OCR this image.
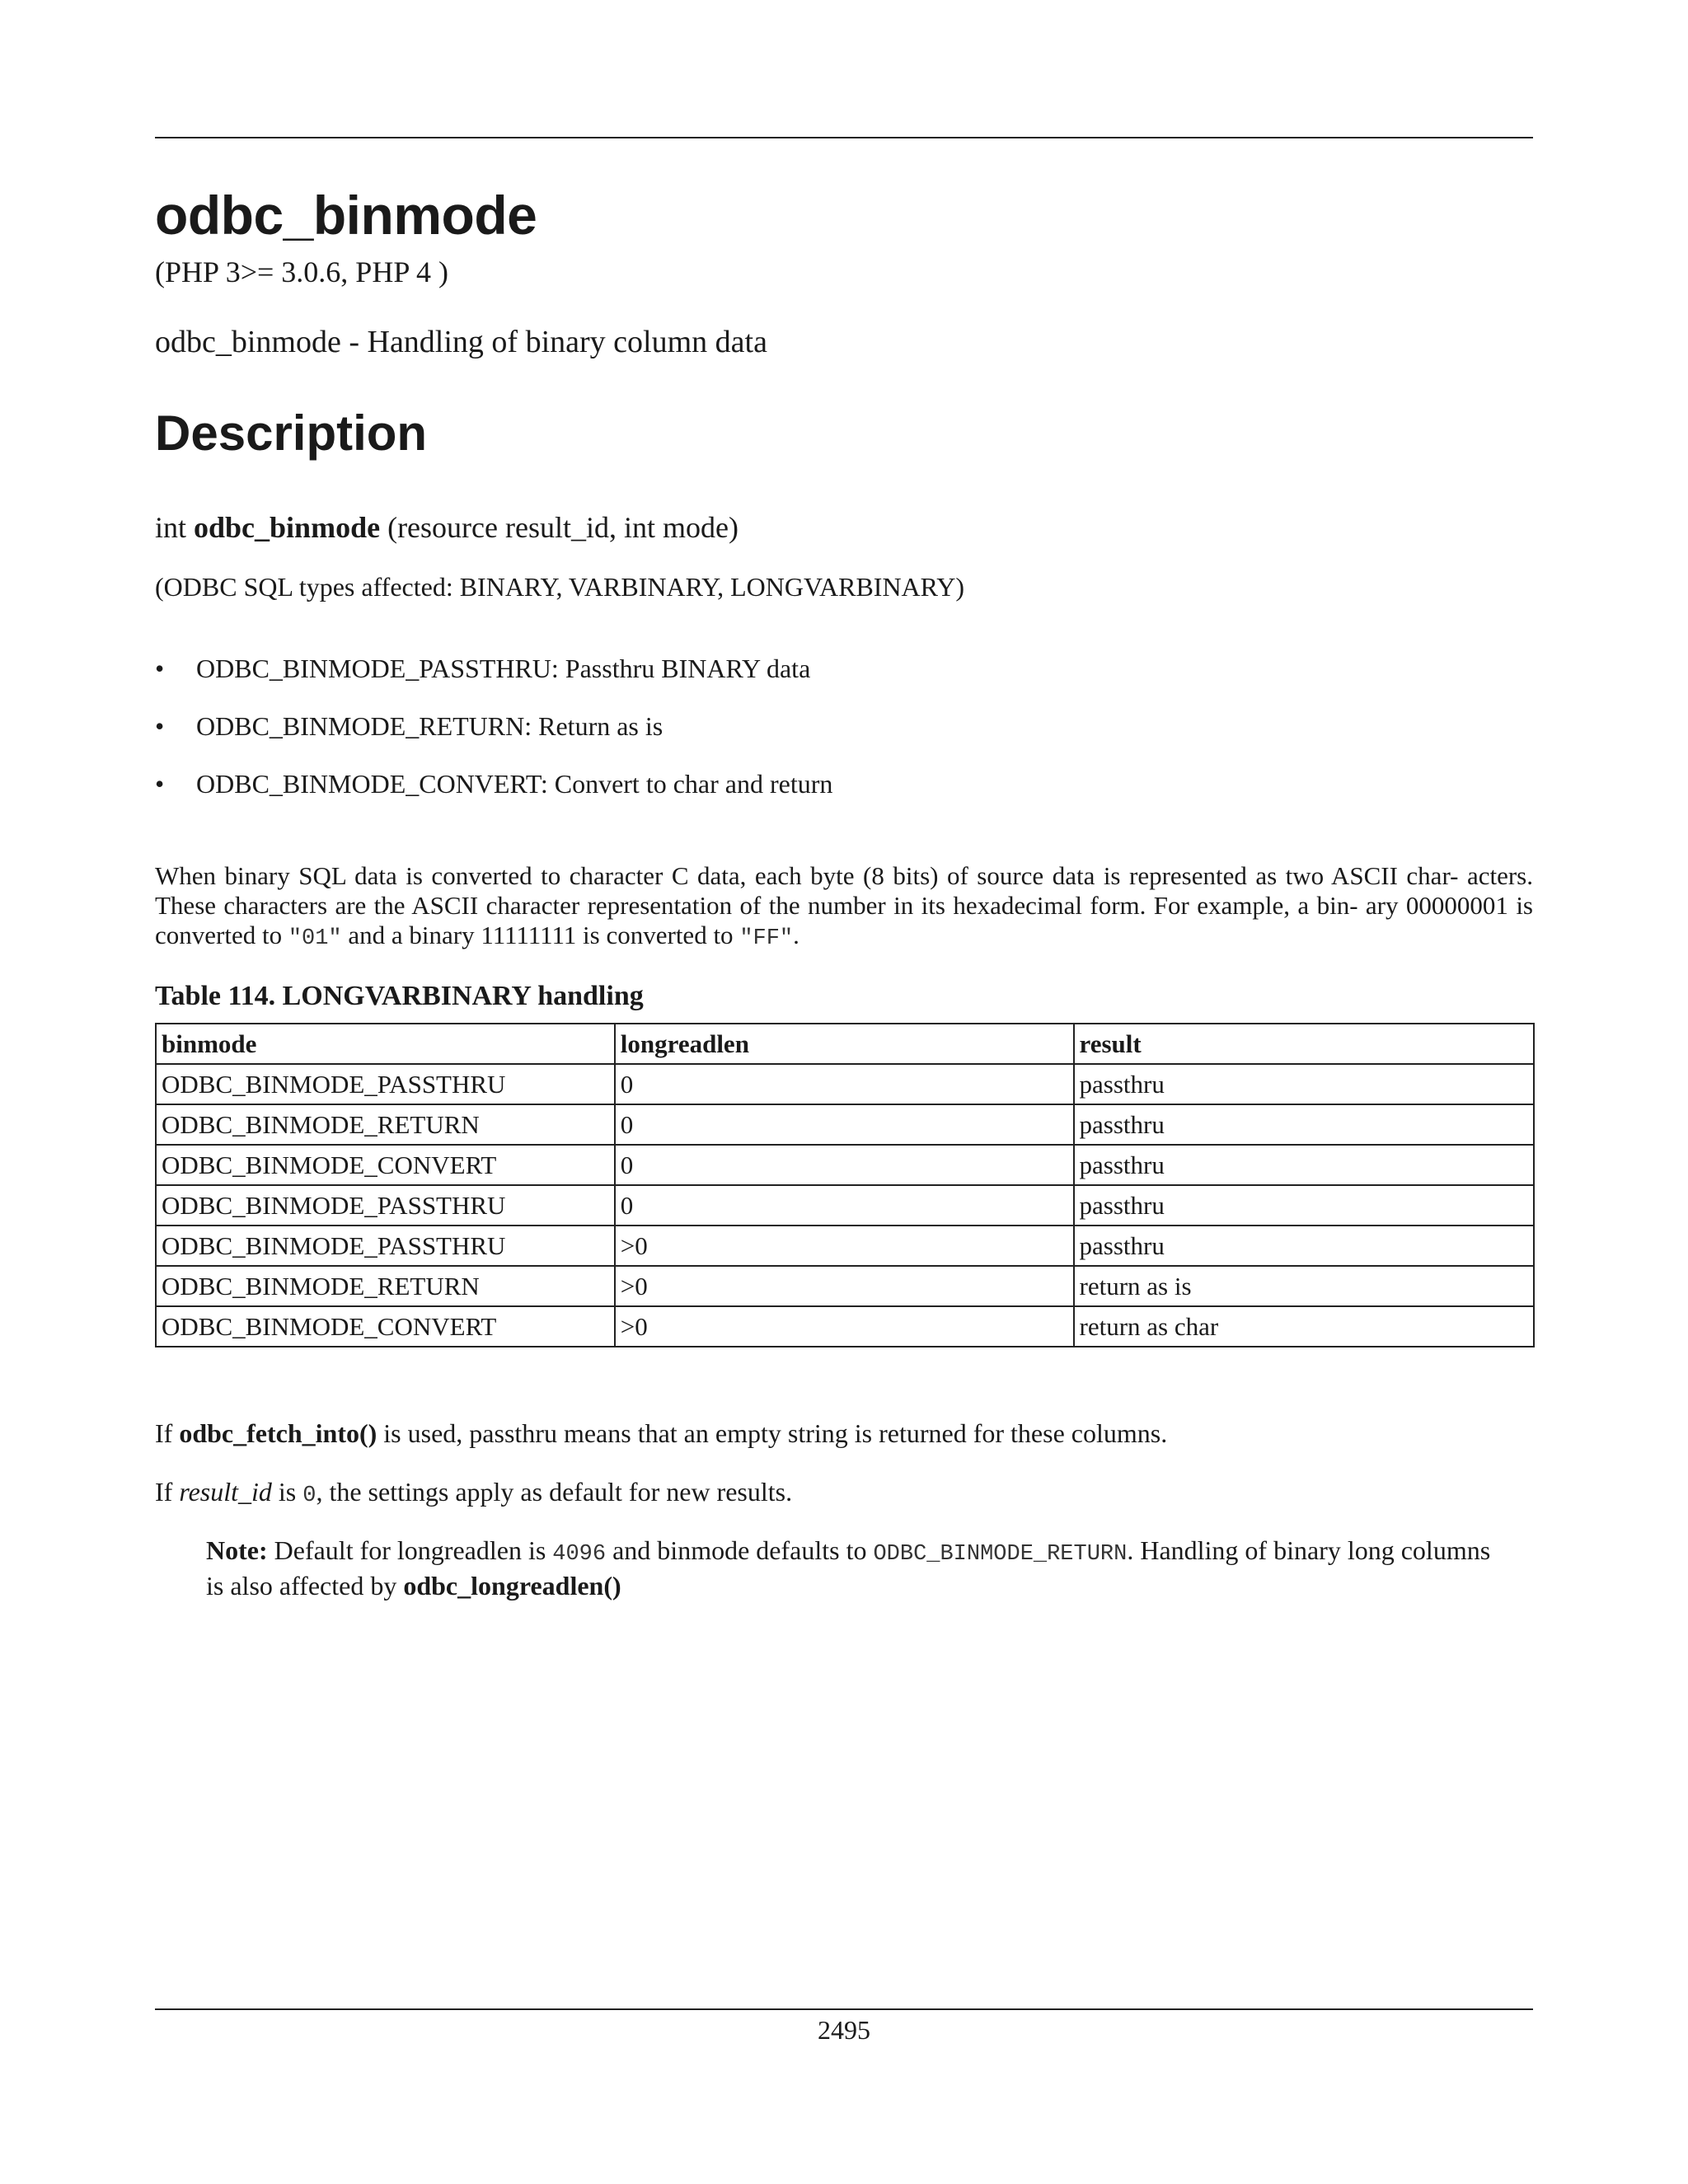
odbc_binmode
(PHP 3>= 3.0.6, PHP 4 )
odbc_binmode - Handling of binary column data
Description
int odbc_binmode (resource result_id, int mode)
(ODBC SQL types affected: BINARY, VARBINARY, LONGVARBINARY)
• ODBC_BINMODE_PASSTHRU: Passthru BINARY data
• ODBC_BINMODE_RETURN: Return as is
• ODBC_BINMODE_CONVERT: Convert to char and return

When binary SQL data is converted to character C data, each byte (8 bits) of source data is represented as two ASCII char- acters. These characters are the ASCII character representation of the number in its hexadecimal form. For example, a bin- ary 00000001 is converted to "01" and a binary 11111111 is converted to "FF".

Table 114. LONGVARBINARY handling

binmode	longreadlen	result
ODBC_BINMODE_PASSTHRU	0	passthru
ODBC_BINMODE_RETURN	0	passthru
ODBC_BINMODE_CONVERT	0	passthru
ODBC_BINMODE_PASSTHRU	0	passthru
ODBC_BINMODE_PASSTHRU	>0	passthru
ODBC_BINMODE_RETURN	>0	return as is
ODBC_BINMODE_CONVERT	>0	return as char
If odbc_fetch_into() is used, passthru means that an empty string is returned for these columns.
If result_id is 0, the settings apply as default for new results.
Note: Default for longreadlen is 4096 and binmode defaults to ODBC_BINMODE_RETURN. Handling of binary long columns is also affected by odbc_longreadlen()
2495
